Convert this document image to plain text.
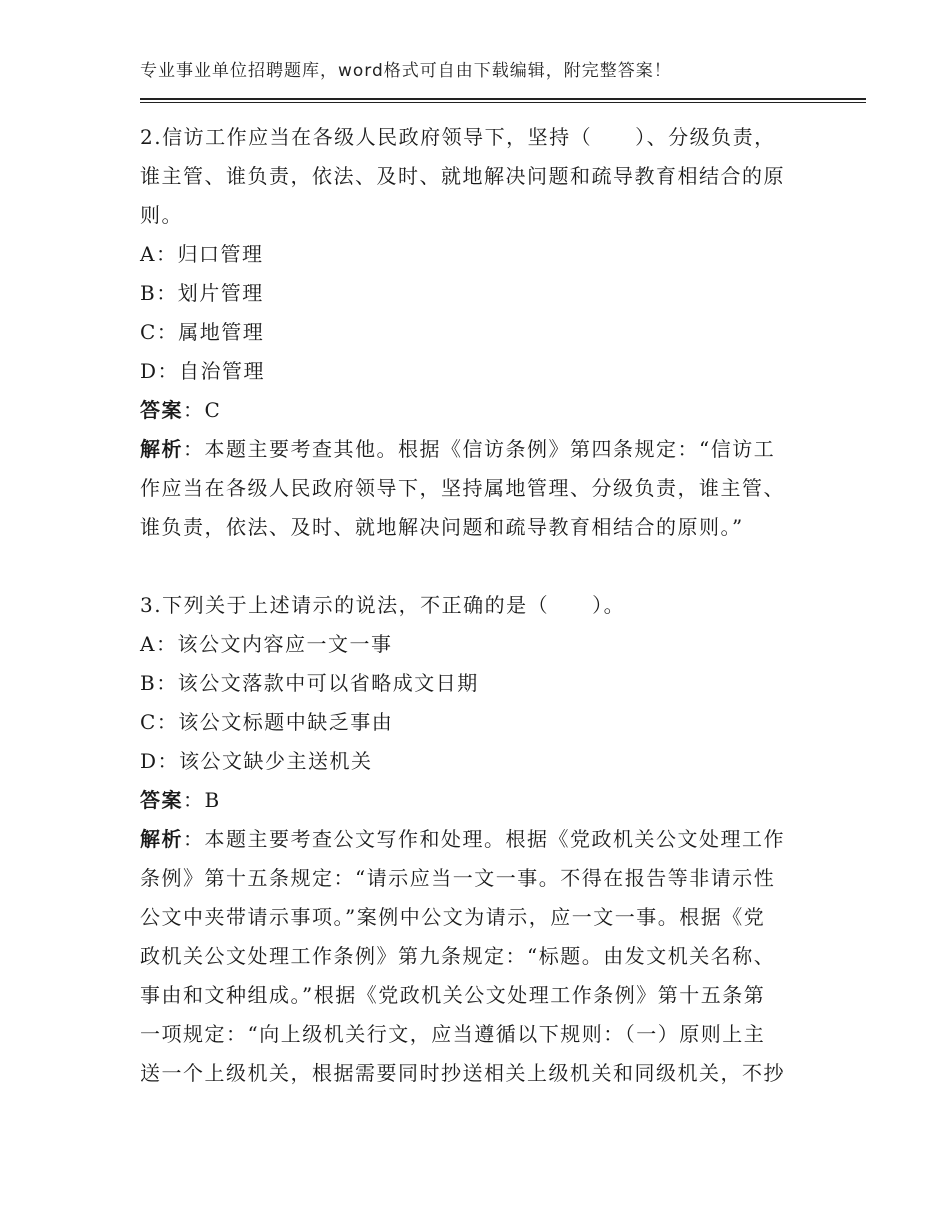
专业事业单位招聘题库，word格式可自由下载编辑，附完整答案！

2.信访工作应当在各级人民政府领导下，坚持（　　）、分级负责，

谁主管、谁负责，依法、及时、就地解决问题和疏导教育相结合的原

则。

A：归口管理

B：划片管理

C：属地管理

D：自治管理

答案：C

解析：本题主要考查其他。根据《信访条例》第四条规定：“信访工

作应当在各级人民政府领导下，坚持属地管理、分级负责，谁主管、

谁负责，依法、及时、就地解决问题和疏导教育相结合的原则。”

3.下列关于上述请示的说法，不正确的是（　　）。

A：该公文内容应一文一事

B：该公文落款中可以省略成文日期

C：该公文标题中缺乏事由

D：该公文缺少主送机关

答案：B

解析：本题主要考查公文写作和处理。根据《党政机关公文处理工作

条例》第十五条规定：“请示应当一文一事。不得在报告等非请示性

公文中夹带请示事项。”案例中公文为请示，应一文一事。根据《党

政机关公文处理工作条例》第九条规定：“标题。由发文机关名称、

事由和文种组成。”根据《党政机关公文处理工作条例》第十五条第

一项规定：“向上级机关行文，应当遵循以下规则：（一）原则上主

送一个上级机关，根据需要同时抄送相关上级机关和同级机关，不抄
